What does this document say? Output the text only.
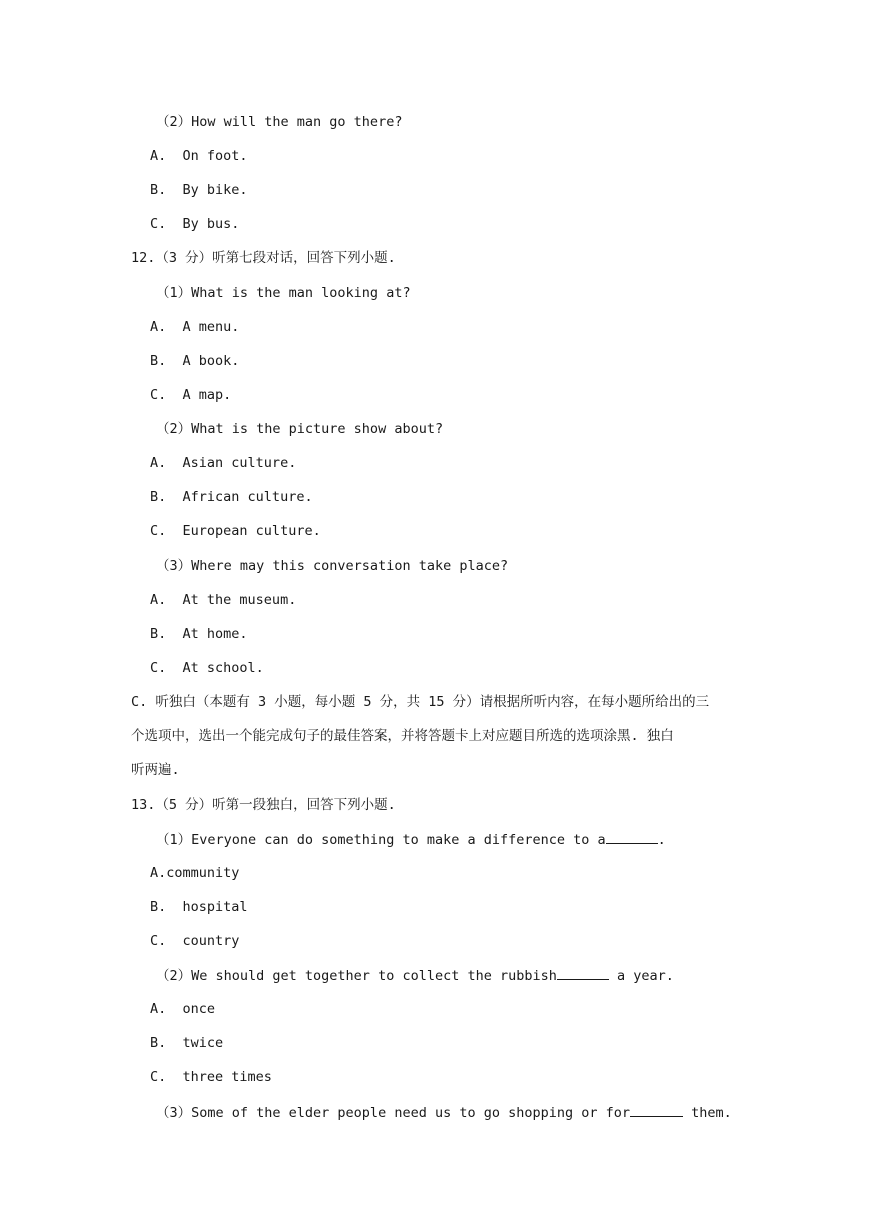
（2）How will the man go there?
A. On foot.
B. By bike.
C. By bus.
12.（3 分）听第七段对话，回答下列小题.
（1）What is the man looking at?
A. A menu.
B. A book.
C. A map.
（2）What is the picture show about?
A. Asian culture.
B. African culture.
C. European culture.
（3）Where may this conversation take place?
A. At the museum.
B. At home.
C. At school.
C. 听独白（本题有 3 小题，每小题 5 分，共 15 分）请根据所听内容，在每小题所给出的三
个选项中，选出一个能完成句子的最佳答案，并将答题卡上对应题目所选的选项涂黑. 独白
听两遍.
13.（5 分）听第一段独白，回答下列小题.
（1）Everyone can do something to make a difference to a	.
A.community
B. hospital
C. country
（2）We should get together to collect the rubbish	a year.
A. once
B. twice
C. three times
（3）Some of the elder people need us to go shopping or for	them.
